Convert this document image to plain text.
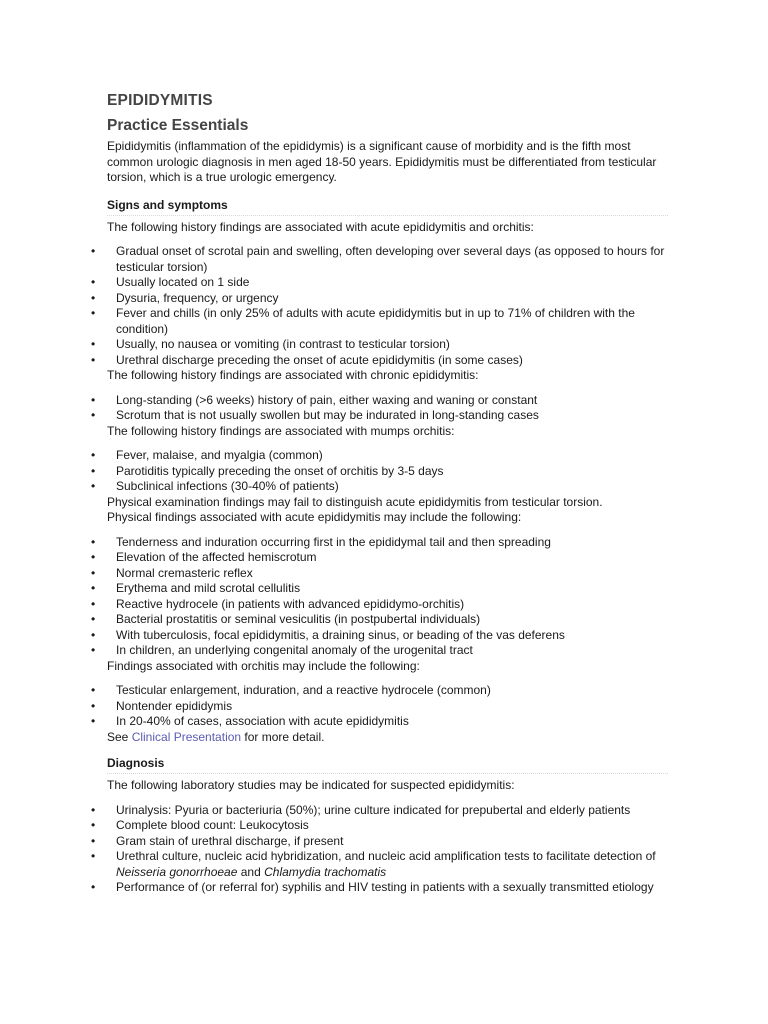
EPIDIDYMITIS
Practice Essentials

Epididymitis (inflammation of the epididymis) is a significant cause of morbidity and is the fifth most common urologic diagnosis in men aged 18-50 years. Epididymitis must be differentiated from testicular torsion, which is a true urologic emergency.

Signs and symptoms

The following history findings are associated with acute epididymitis and orchitis:

• Gradual onset of scrotal pain and swelling, often developing over several days (as opposed to hours for testicular torsion)
• Usually located on 1 side
• Dysuria, frequency, or urgency
• Fever and chills (in only 25% of adults with acute epididymitis but in up to 71% of children with the condition)
• Usually, no nausea or vomiting (in contrast to testicular torsion)
• Urethral discharge preceding the onset of acute epididymitis (in some cases)

The following history findings are associated with chronic epididymitis:

• Long-standing (>6 weeks) history of pain, either waxing and waning or constant
• Scrotum that is not usually swollen but may be indurated in long-standing cases

The following history findings are associated with mumps orchitis:

• Fever, malaise, and myalgia (common)
• Parotiditis typically preceding the onset of orchitis by 3-5 days
• Subclinical infections (30-40% of patients)

Physical examination findings may fail to distinguish acute epididymitis from testicular torsion.

Physical findings associated with acute epididymitis may include the following:

• Tenderness and induration occurring first in the epididymal tail and then spreading
• Elevation of the affected hemiscrotum
• Normal cremasteric reflex
• Erythema and mild scrotal cellulitis
• Reactive hydrocele (in patients with advanced epididymo-orchitis)
• Bacterial prostatitis or seminal vesiculitis (in postpubertal individuals)
• With tuberculosis, focal epididymitis, a draining sinus, or beading of the vas deferens
• In children, an underlying congenital anomaly of the urogenital tract

Findings associated with orchitis may include the following:

• Testicular enlargement, induration, and a reactive hydrocele (common)
• Nontender epididymis
• In 20-40% of cases, association with acute epididymitis

See Clinical Presentation for more detail.

Diagnosis

The following laboratory studies may be indicated for suspected epididymitis:

• Urinalysis: Pyuria or bacteriuria (50%); urine culture indicated for prepubertal and elderly patients
• Complete blood count: Leukocytosis
• Gram stain of urethral discharge, if present
• Urethral culture, nucleic acid hybridization, and nucleic acid amplification tests to facilitate detection of Neisseria gonorrhoeae and Chlamydia trachomatis
• Performance of (or referral for) syphilis and HIV testing in patients with a sexually transmitted etiology
